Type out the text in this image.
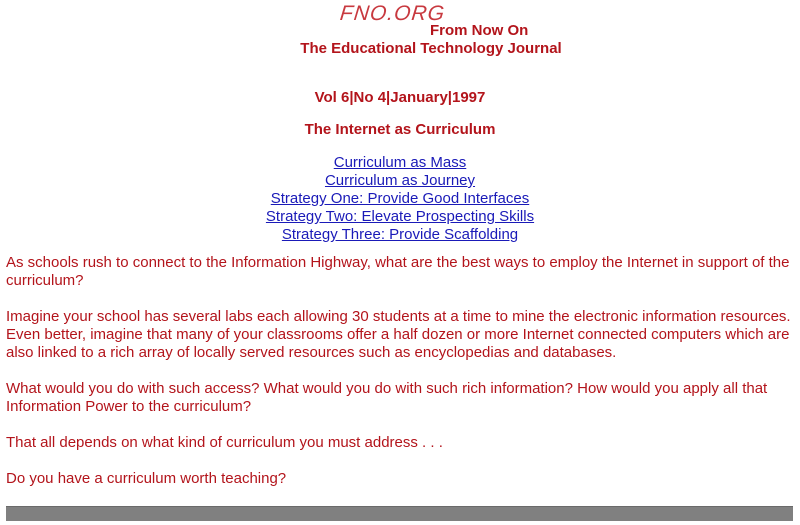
FNO.ORG
From Now On
The Educational Technology Journal
Vol 6|No 4|January|1997
The Internet as Curriculum
Curriculum as Mass
Curriculum as Journey
Strategy One: Provide Good Interfaces
Strategy Two: Elevate Prospecting Skills
Strategy Three: Provide Scaffolding

As schools rush to connect to the Information Highway, what are the best ways to employ the Internet in support of the curriculum?

Imagine your school has several labs each allowing 30 students at a time to mine the electronic information resources. Even better, imagine that many of your classrooms offer a half dozen or more Internet connected computers which are also linked to a rich array of locally served resources such as encyclopedias and databases.

What would you do with such access? What would you do with such rich information? How would you apply all that Information Power to the curriculum?

That all depends on what kind of curriculum you must address . . .

Do you have a curriculum worth teaching?
